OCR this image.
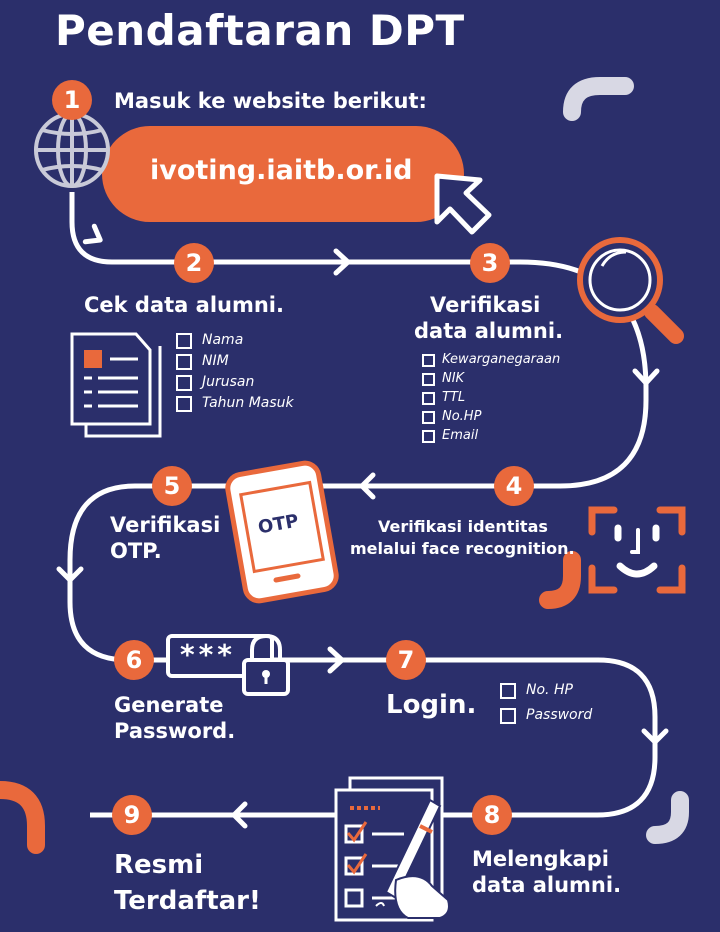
Pendaftaran DPT
1	Masuk ke website berikut:
ivoting.iaitb.or.id
2
Cek data alumni.
Nama
NIM
Jurusan
Tahun Masuk
3
Verifikasi
data alumni.
Kewarganegaraan
NIK
TTL
No.HP
Email
4
Verifikasi identitas
melalui face recognition.
5
Verifikasi
OTP.
OTP
6	***
Generate
Password.
7
Login.	No. HP
Password
8
Melengkapi
data alumni.
9
Resmi
Terdaftar!
